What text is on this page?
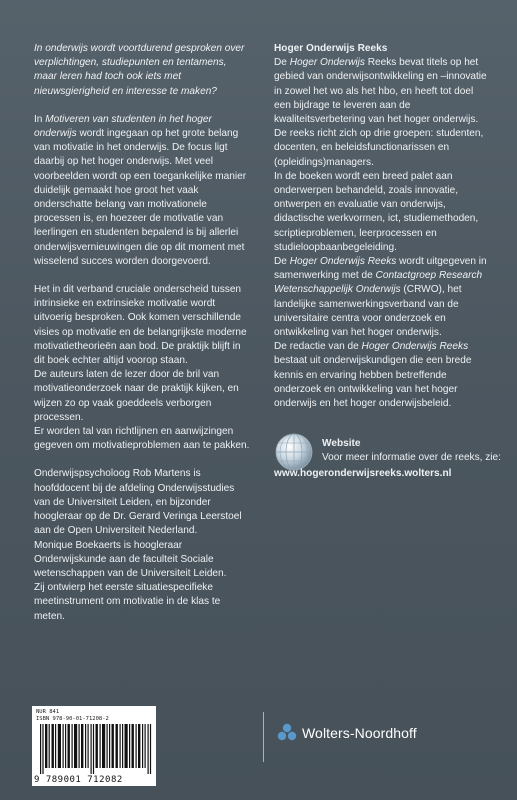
In onderwijs wordt voortdurend gesproken over verplichtingen, studiepunten en tentamens, maar leren had toch ook iets met nieuwsgierigheid en interesse te maken?

In Motiveren van studenten in het hoger onderwijs wordt ingegaan op het grote belang van motivatie in het onderwijs. De focus ligt daarbij op het hoger onderwijs. Met veel voorbeelden wordt op een toegankelijke manier duidelijk gemaakt hoe groot het vaak onderschatte belang van motivationele processen is, en hoezeer de motivatie van leerlingen en studenten bepalend is bij allerlei onderwijsvernieuwingen die op dit moment met wisselend succes worden doorgevoerd.

Het in dit verband cruciale onderscheid tussen intrinsieke en extrinsieke motivatie wordt uitvoerig besproken. Ook komen verschillende visies op motivatie en de belangrijkste moderne motivatietheorieën aan bod. De praktijk blijft in dit boek echter altijd voorop staan.

De auteurs laten de lezer door de bril van motivatieonderzoek naar de praktijk kijken, en wijzen zo op vaak goeddeels verborgen processen.

Er worden tal van richtlijnen en aanwijzingen gegeven om motivatieproblemen aan te pakken.

Onderwijspsycholoog Rob Martens is hoofddocent bij de afdeling Onderwijsstudies van de Universiteit Leiden, en bijzonder hoogleraar op de Dr. Gerard Veringa Leerstoel aan de Open Universiteit Nederland.

Monique Boekaerts is hoogleraar Onderwijskunde aan de faculteit Sociale wetenschappen van de Universiteit Leiden.

Zij ontwierp het eerste situatiespecifieke meetinstrument om motivatie in de klas te meten.

Hoger Onderwijs Reeks

De Hoger Onderwijs Reeks bevat titels op het gebied van onderwijsontwikkeling en –innovatie in zowel het wo als het hbo, en heeft tot doel een bijdrage te leveren aan de kwaliteitsverbetering van het hoger onderwijs.

De reeks richt zich op drie groepen: studenten, docenten, en beleidsfunctionarissen en (opleidings)managers.

In de boeken wordt een breed palet aan onderwerpen behandeld, zoals innovatie, ontwerpen en evaluatie van onderwijs, didactische werkvormen, ict, studiemethoden, scriptieproblemen, leerprocessen en studieloopbaanbegeleiding.

De Hoger Onderwijs Reeks wordt uitgegeven in samenwerking met de Contactgroep Research Wetenschappelijk Onderwijs (CRWO), het landelijke samenwerkingsverband van de universitaire centra voor onderzoek en ontwikkeling van het hoger onderwijs.

De redactie van de Hoger Onderwijs Reeks bestaat uit onderwijskundigen die een brede kennis en ervaring hebben betreffende onderzoek en ontwikkeling van het hoger onderwijs en het hoger onderwijsbeleid.

Website
Voor meer informatie over de reeks, zie:
www.hogeronderwijsreeks.wolters.nl
NUR 841
ISBN 978-90-01-71208-2
9 789001 712082
Wolters-Noordhoff
